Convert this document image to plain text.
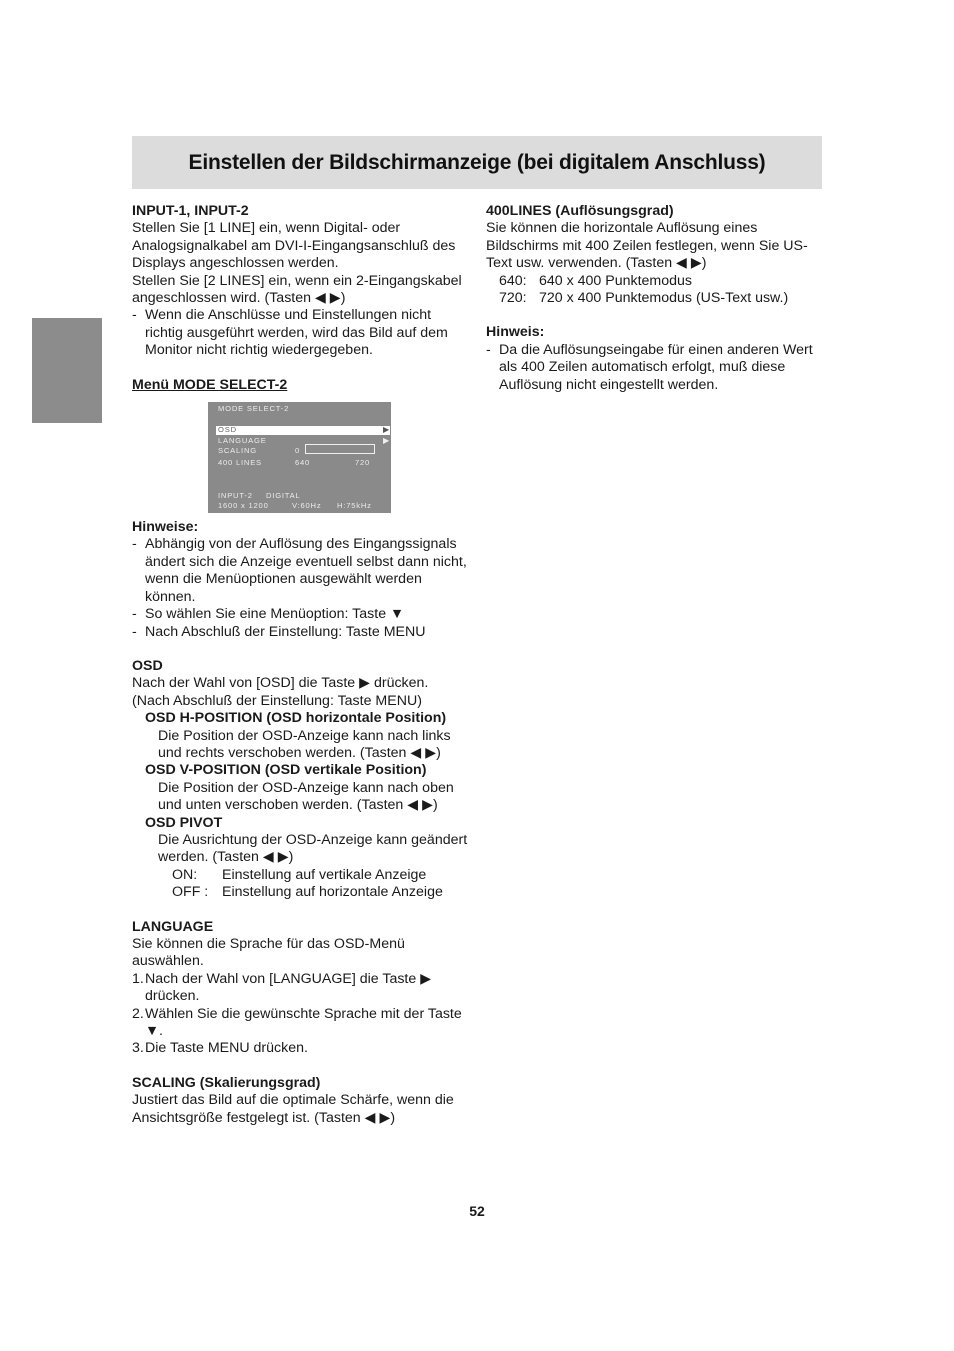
Einstellen der Bildschirmanzeige (bei digitalem Anschluss)

INPUT-1, INPUT-2

Stellen Sie [1 LINE] ein, wenn Digital- oder Analogsignalkabel am DVI-I-Eingangsanschluß des Displays angeschlossen werden.

Stellen Sie [2 LINES] ein, wenn ein 2-Eingangskabel angeschlossen wird. (Tasten ◀ ▶)

- Wenn die Anschlüsse und Einstellungen nicht richtig ausgeführt werden, wird das Bild auf dem Monitor nicht richtig wiedergegeben.

Menü MODE SELECT-2

MODE SELECT-2
OSD	▶
LANGUAGE	▶
SCALING	0
400 LINES	640	720
INPUT-2 DIGITAL
1600 x 1200	V:60Hz H:75kHz

Hinweise:

- Abhängig von der Auflösung des Eingangssignals ändert sich die Anzeige eventuell selbst dann nicht, wenn die Menüoptionen ausgewählt werden können.

- So wählen Sie eine Menüoption: Taste ▼

- Nach Abschluß der Einstellung: Taste MENU

OSD

Nach der Wahl von [OSD] die Taste ▶ drücken.

(Nach Abschluß der Einstellung: Taste MENU)

OSD H-POSITION (OSD horizontale Position)

Die Position der OSD-Anzeige kann nach links und rechts verschoben werden. (Tasten ◀ ▶)

OSD V-POSITION (OSD vertikale Position)

Die Position der OSD-Anzeige kann nach oben und unten verschoben werden. (Tasten ◀ ▶)

OSD PIVOT

Die Ausrichtung der OSD-Anzeige kann geändert werden. (Tasten ◀ ▶)

ON:	Einstellung auf vertikale Anzeige
OFF : Einstellung auf horizontale Anzeige

LANGUAGE

Sie können die Sprache für das OSD-Menü auswählen.

1. Nach der Wahl von [LANGUAGE] die Taste ▶ drücken.

2. Wählen Sie die gewünschte Sprache mit der Taste ▼.

3. Die Taste MENU drücken.

SCALING (Skalierungsgrad)

Justiert das Bild auf die optimale Schärfe, wenn die Ansichtsgröße festgelegt ist. (Tasten ◀ ▶)

400LINES (Auflösungsgrad)

Sie können die horizontale Auflösung eines Bildschirms mit 400 Zeilen festlegen, wenn Sie US-Text usw. verwenden. (Tasten ◀ ▶)

640: 640 x 400 Punktemodus
720: 720 x 400 Punktemodus (US-Text usw.)

Hinweis:

- Da die Auflösungseingabe für einen anderen Wert als 400 Zeilen automatisch erfolgt, muß diese Auflösung nicht eingestellt werden.

52
